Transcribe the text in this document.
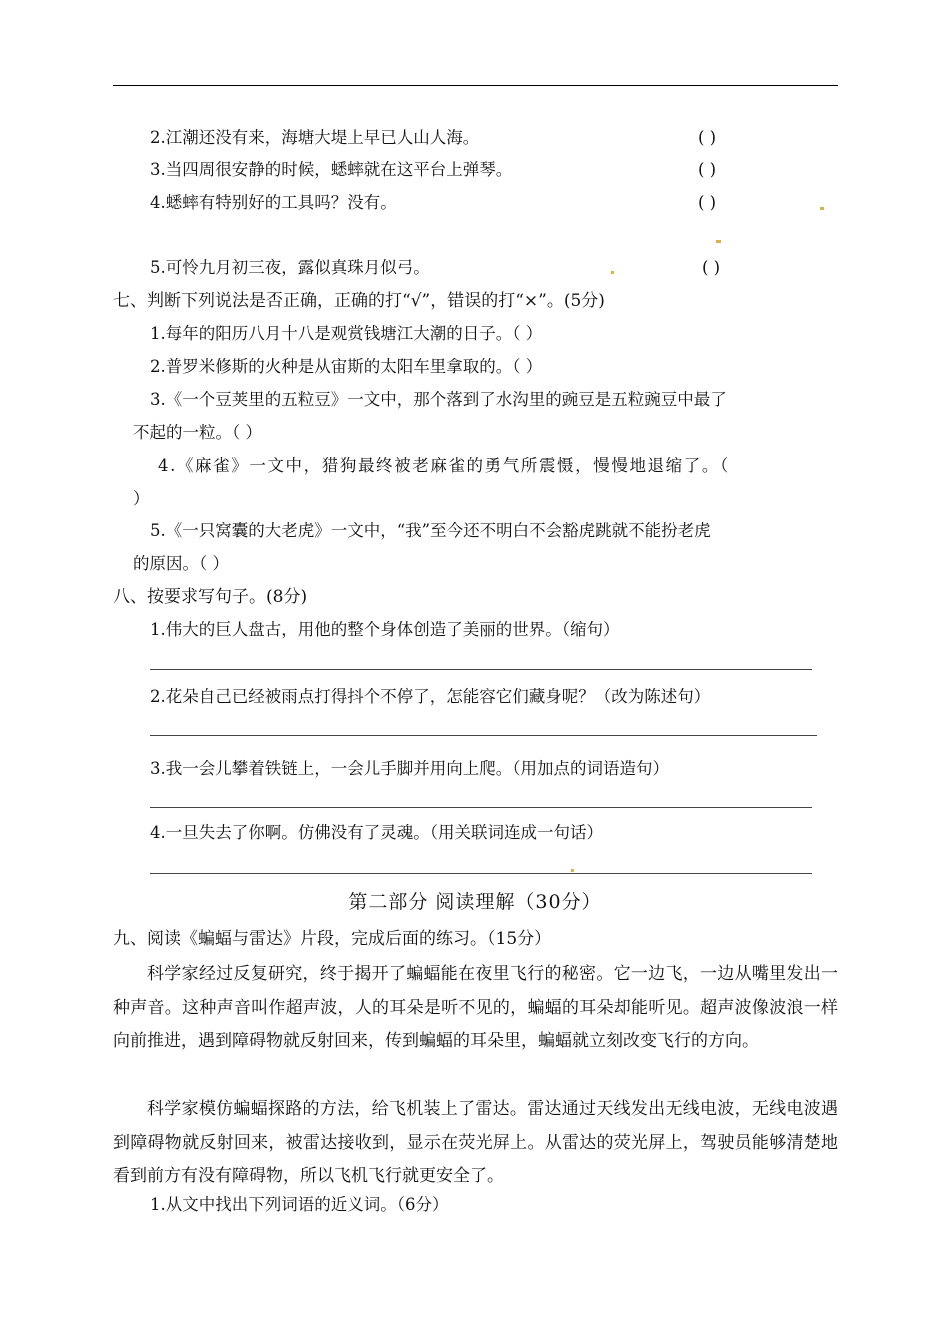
2.江潮还没有来，海塘大堤上早已人山人海。	( )
3.当四周很安静的时候，蟋蟀就在这平台上弹琴。	( )
4.蟋蟀有特别好的工具吗？没有。	( )
5.可怜九月初三夜，露似真珠月似弓。	( )
七、判断下列说法是否正确，正确的打“√”，错误的打“×”。(5分)
1.每年的阳历八月十八是观赏钱塘江大潮的日子。（ ）
2.普罗米修斯的火种是从宙斯的太阳车里拿取的。（ ）
3.《一个豆荚里的五粒豆》一文中，那个落到了水沟里的豌豆是五粒豌豆中最了
不起的一粒。（ ）
4.《麻雀》一文中，猎狗最终被老麻雀的勇气所震慑，慢慢地退缩了。（
）
5.《一只窝囊的大老虎》一文中，“我”至今还不明白不会豁虎跳就不能扮老虎
的原因。（ ）
八、按要求写句子。(8分)
1.伟大的巨人盘古，用他的整个身体创造了美丽的世界。（缩句）
2.花朵自己已经被雨点打得抖个不停了，怎能容它们藏身呢？（改为陈述句）
3.我一会儿攀着铁链上，一会儿手脚并用向上爬。（用加点的词语造句）
4.一旦失去了你啊。仿佛没有了灵魂。（用关联词连成一句话）
第二部分 阅读理解（30分）
九、阅读《蝙蝠与雷达》片段，完成后面的练习。（15分）
科学家经过反复研究，终于揭开了蝙蝠能在夜里飞行的秘密。它一边飞，一边从嘴里发出一种声音。这种声音叫作超声波，人的耳朵是听不见的，蝙蝠的耳朵却能听见。超声波像波浪一样向前推进，遇到障碍物就反射回来，传到蝙蝠的耳朵里，蝙蝠就立刻改变飞行的方向。
科学家模仿蝙蝠探路的方法，给飞机装上了雷达。雷达通过天线发出无线电波，无线电波遇到障碍物就反射回来，被雷达接收到，显示在荧光屏上。从雷达的荧光屏上，驾驶员能够清楚地看到前方有没有障碍物，所以飞机飞行就更安全了。
1.从文中找出下列词语的近义词。（6分）
